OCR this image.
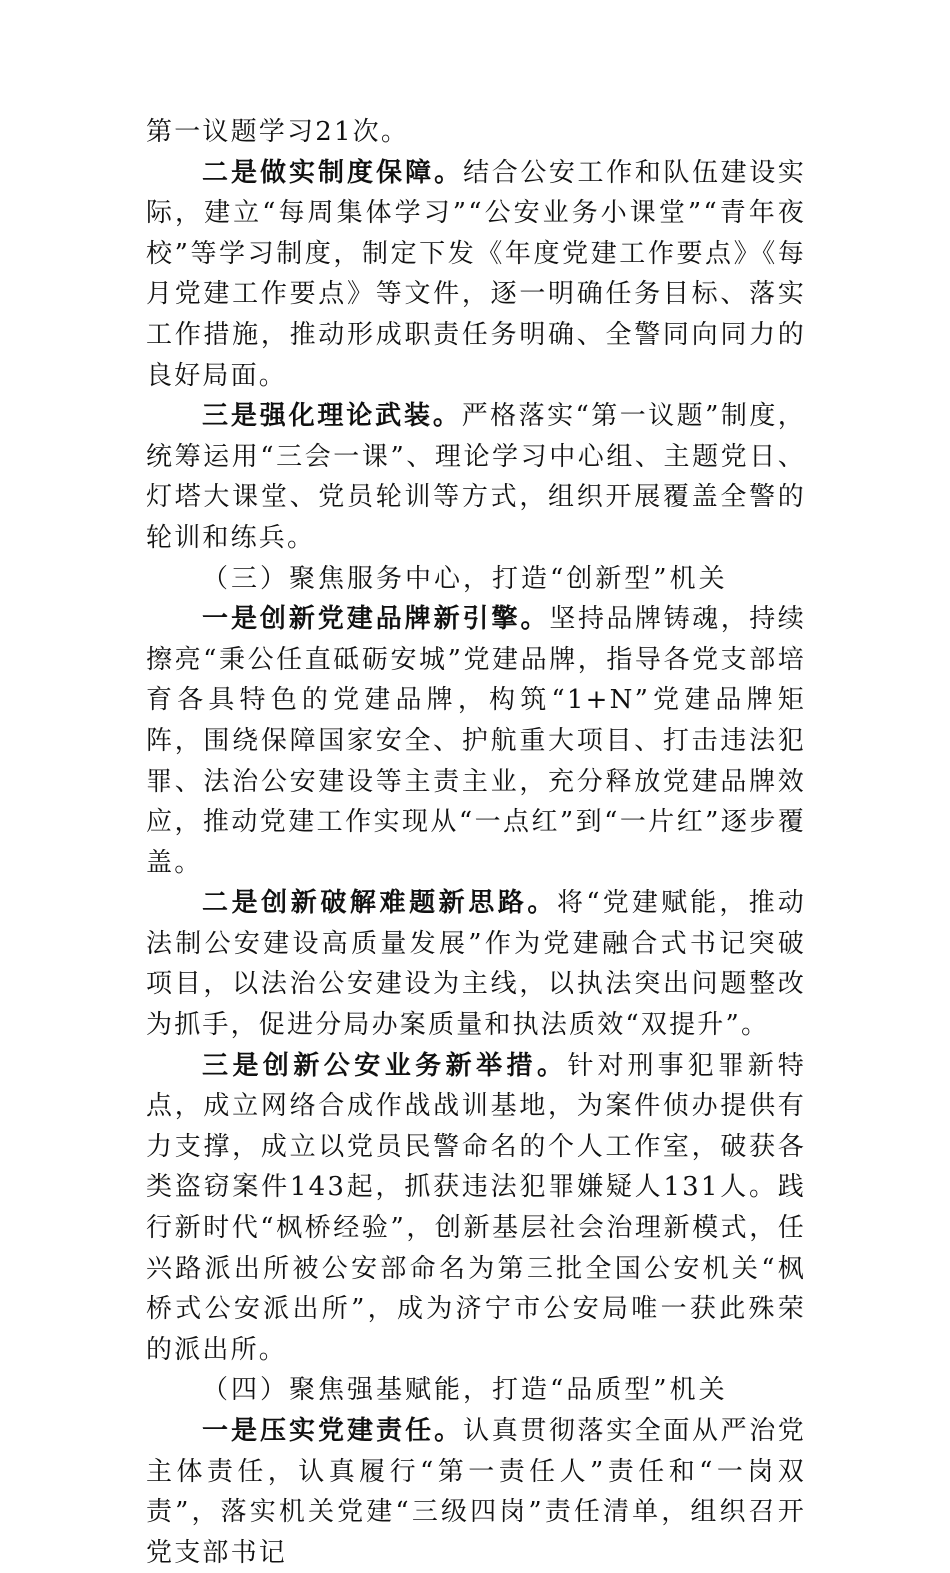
第一议题学习21次。

二是做实制度保障。结合公安工作和队伍建设实际，建立“每周集体学习”“公安业务小课堂”“青年夜校”等学习制度，制定下发《年度党建工作要点》《每月党建工作要点》等文件，逐一明确任务目标、落实工作措施，推动形成职责任务明确、全警同向同力的良好局面。

三是强化理论武装。严格落实“第一议题”制度，统筹运用“三会一课”、理论学习中心组、主题党日、灯塔大课堂、党员轮训等方式，组织开展覆盖全警的轮训和练兵。

（三）聚焦服务中心，打造“创新型”机关

一是创新党建品牌新引擎。坚持品牌铸魂，持续擦亮“秉公任直砥砺安城”党建品牌，指导各党支部培育各具特色的党建品牌，构筑“1+N”党建品牌矩阵，围绕保障国家安全、护航重大项目、打击违法犯罪、法治公安建设等主责主业，充分释放党建品牌效应，推动党建工作实现从“一点红”到“一片红”逐步覆盖。

二是创新破解难题新思路。将“党建赋能，推动法制公安建设高质量发展”作为党建融合式书记突破项目，以法治公安建设为主线，以执法突出问题整改为抓手，促进分局办案质量和执法质效“双提升”。

三是创新公安业务新举措。针对刑事犯罪新特点，成立网络合成作战战训基地，为案件侦办提供有力支撑，成立以党员民警命名的个人工作室，破获各类盗窃案件143起，抓获违法犯罪嫌疑人131人。践行新时代“枫桥经验”，创新基层社会治理新模式，任兴路派出所被公安部命名为第三批全国公安机关“枫桥式公安派出所”，成为济宁市公安局唯一获此殊荣的派出所。

（四）聚焦强基赋能，打造“品质型”机关

一是压实党建责任。认真贯彻落实全面从严治党主体责任，认真履行“第一责任人”责任和“一岗双责”，落实机关党建“三级四岗”责任清单，组织召开党支部书记
